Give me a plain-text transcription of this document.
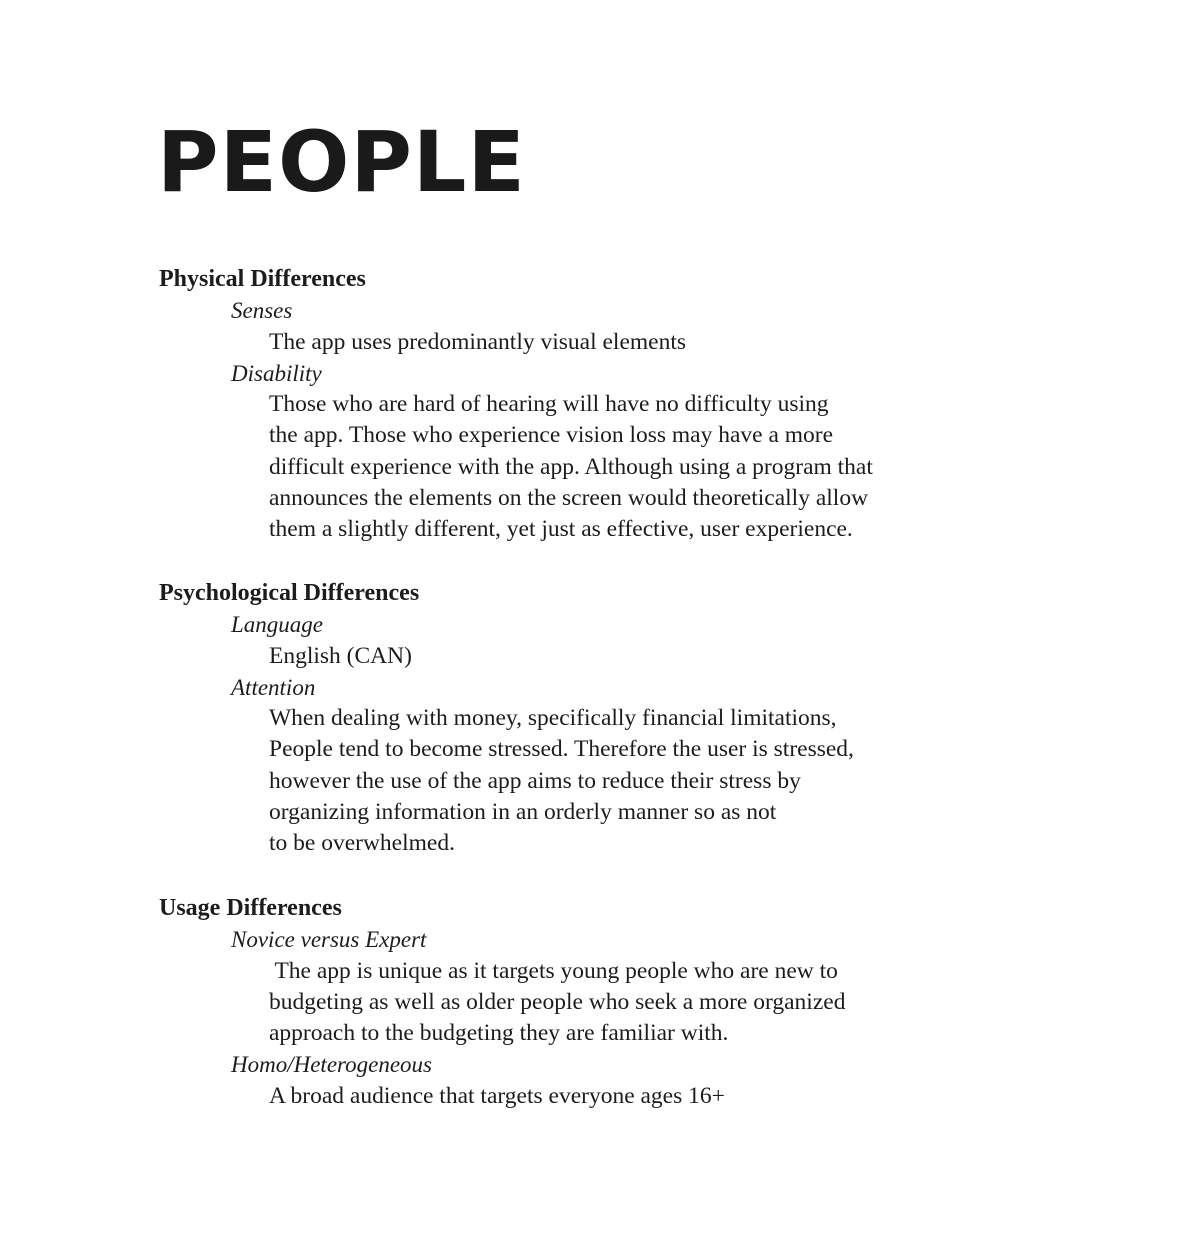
PEOPLE

Physical Differences

Senses

The app uses predominantly visual elements

Disability

Those who are hard of hearing will have no difficulty using

the app. Those who experience vision loss may have a more

difficult experience with the app. Although using a program that

announces the elements on the screen would theoretically allow

them a slightly different, yet just as effective, user experience.

Psychological Differences

Language

English (CAN)

Attention

When dealing with money, specifically financial limitations,

People tend to become stressed. Therefore the user is stressed,

however the use of the app aims to reduce their stress by

organizing information in an orderly manner so as not

to be overwhelmed.

Usage Differences

Novice versus Expert

The app is unique as it targets young people who are new to

budgeting as well as older people who seek a more organized

approach to the budgeting they are familiar with.

Homo/Heterogeneous

A broad audience that targets everyone ages 16+
